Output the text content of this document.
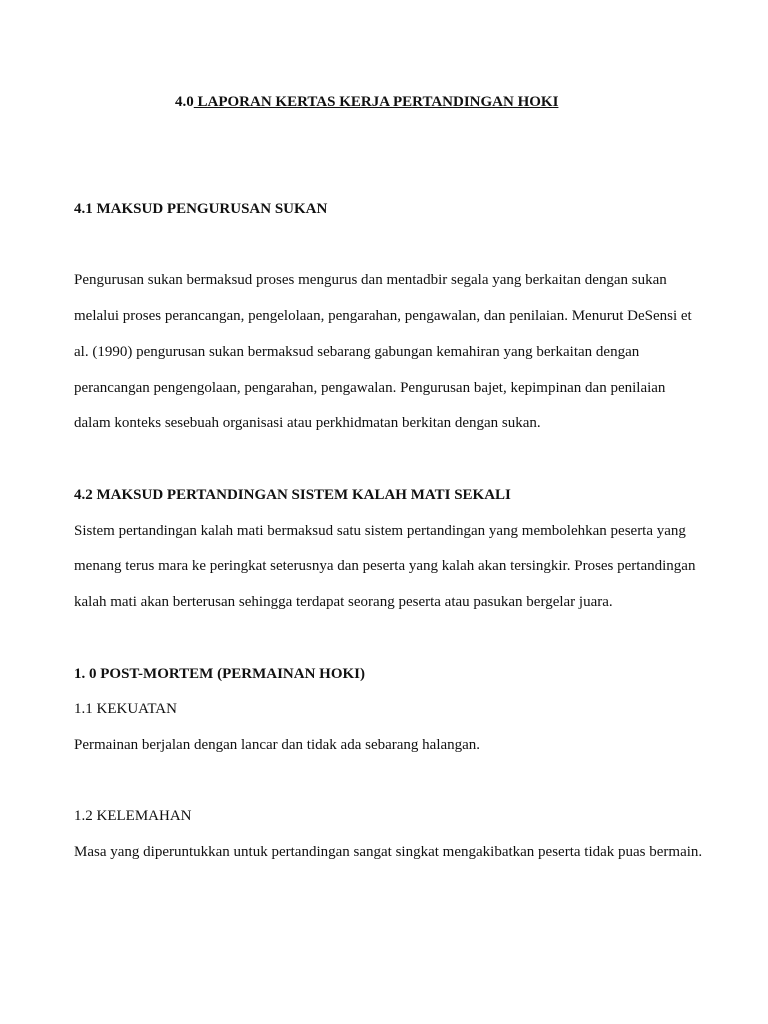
4.0 LAPORAN KERTAS KERJA PERTANDINGAN HOKI
4.1 MAKSUD PENGURUSAN SUKAN
Pengurusan sukan bermaksud proses mengurus dan mentadbir segala yang berkaitan dengan sukan
melalui proses perancangan, pengelolaan, pengarahan, pengawalan, dan penilaian. Menurut DeSensi et
al. (1990) pengurusan sukan bermaksud sebarang gabungan kemahiran yang berkaitan dengan
perancangan pengengolaan, pengarahan, pengawalan. Pengurusan bajet, kepimpinan dan penilaian
dalam konteks sesebuah organisasi atau perkhidmatan berkitan dengan sukan.
4.2 MAKSUD PERTANDINGAN SISTEM KALAH MATI SEKALI
Sistem pertandingan kalah mati bermaksud satu sistem pertandingan yang membolehkan peserta yang
menang terus mara ke peringkat seterusnya dan peserta yang kalah akan tersingkir. Proses pertandingan
kalah mati akan berterusan sehingga terdapat seorang peserta atau pasukan bergelar juara.
1. 0 POST-MORTEM (PERMAINAN HOKI)
1.1 KEKUATAN
Permainan berjalan dengan lancar dan tidak ada sebarang halangan.
1.2 KELEMAHAN
Masa yang diperuntukkan untuk pertandingan sangat singkat mengakibatkan peserta tidak puas bermain.
